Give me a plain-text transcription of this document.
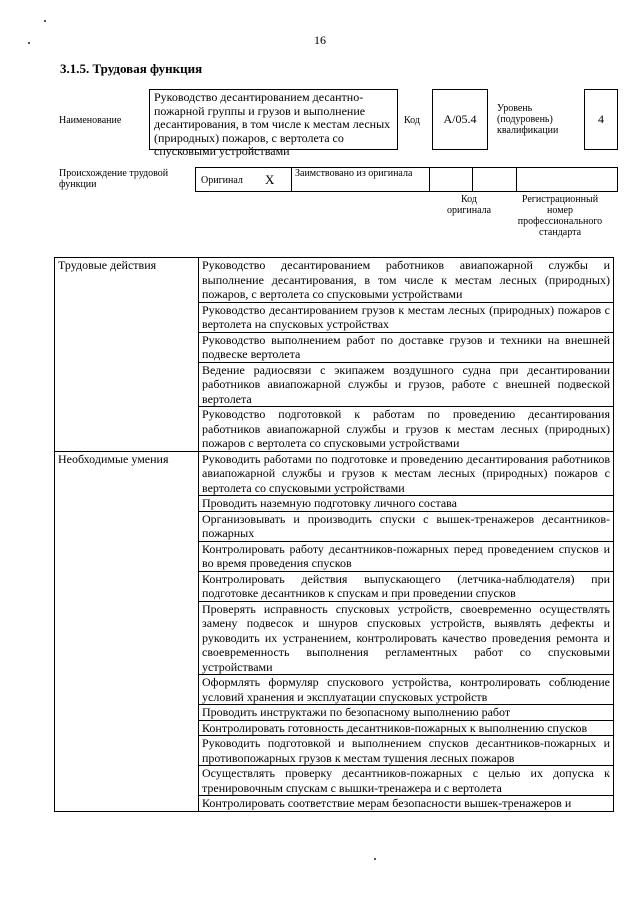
16
3.1.5. Трудовая функция
Наименование
Руководство десантированием десантно-пожарной группы и грузов и выполнение десантирования, в том числе к местам лесных (природных) пожаров, с вертолета со спусковыми устройствами
Код	A/05.4
Уровень (подуровень) квалификации
4
Происхождение трудовой функции	Оригинал X Заимствовано из оригинала
Код оригинала
Регистрационный номер профессионального стандарта
Трудовые действия	Руководство десантированием работников авиапожарной службы и выполнение десантирования, в том числе к местам лесных (природных) пожаров, с вертолета со спусковыми устройствами
	Руководство десантированием грузов к местам лесных (природных) пожаров с вертолета на спусковых устройствах
	Руководство выполнением работ по доставке грузов и техники на внешней подвеске вертолета
	Ведение радиосвязи с экипажем воздушного судна при десантировании работников авиапожарной службы и грузов, работе с внешней подвеской вертолета
	Руководство подготовкой к работам по проведению десантирования работников авиапожарной службы и грузов к местам лесных (природных) пожаров с вертолета со спусковыми устройствами
Необходимые умения	Руководить работами по подготовке и проведению десантирования работников авиапожарной службы и грузов к местам лесных (природных) пожаров с вертолета со спусковыми устройствами
	Проводить наземную подготовку личного состава
	Организовывать и производить спуски с вышек-тренажеров десантников-пожарных
	Контролировать работу десантников-пожарных перед проведением спусков и во время проведения спусков
	Контролировать действия выпускающего (летчика-наблюдателя) при подготовке десантников к спускам и при проведении спусков
	Проверять исправность спусковых устройств, своевременно осуществлять замену подвесок и шнуров спусковых устройств, выявлять дефекты и руководить их устранением, контролировать качество проведения ремонта и своевременность выполнения регламентных работ со спусковыми устройствами
	Оформлять формуляр спускового устройства, контролировать соблюдение условий хранения и эксплуатации спусковых устройств
	Проводить инструктажи по безопасному выполнению работ
	Контролировать готовность десантников-пожарных к выполнению спусков
	Руководить подготовкой и выполнением спусков десантников-пожарных и противопожарных грузов к местам тушения лесных пожаров
	Осуществлять проверку десантников-пожарных с целью их допуска к тренировочным спускам с вышки-тренажера и с вертолета
	Контролировать соответствие мерам безопасности вышек-тренажеров и
